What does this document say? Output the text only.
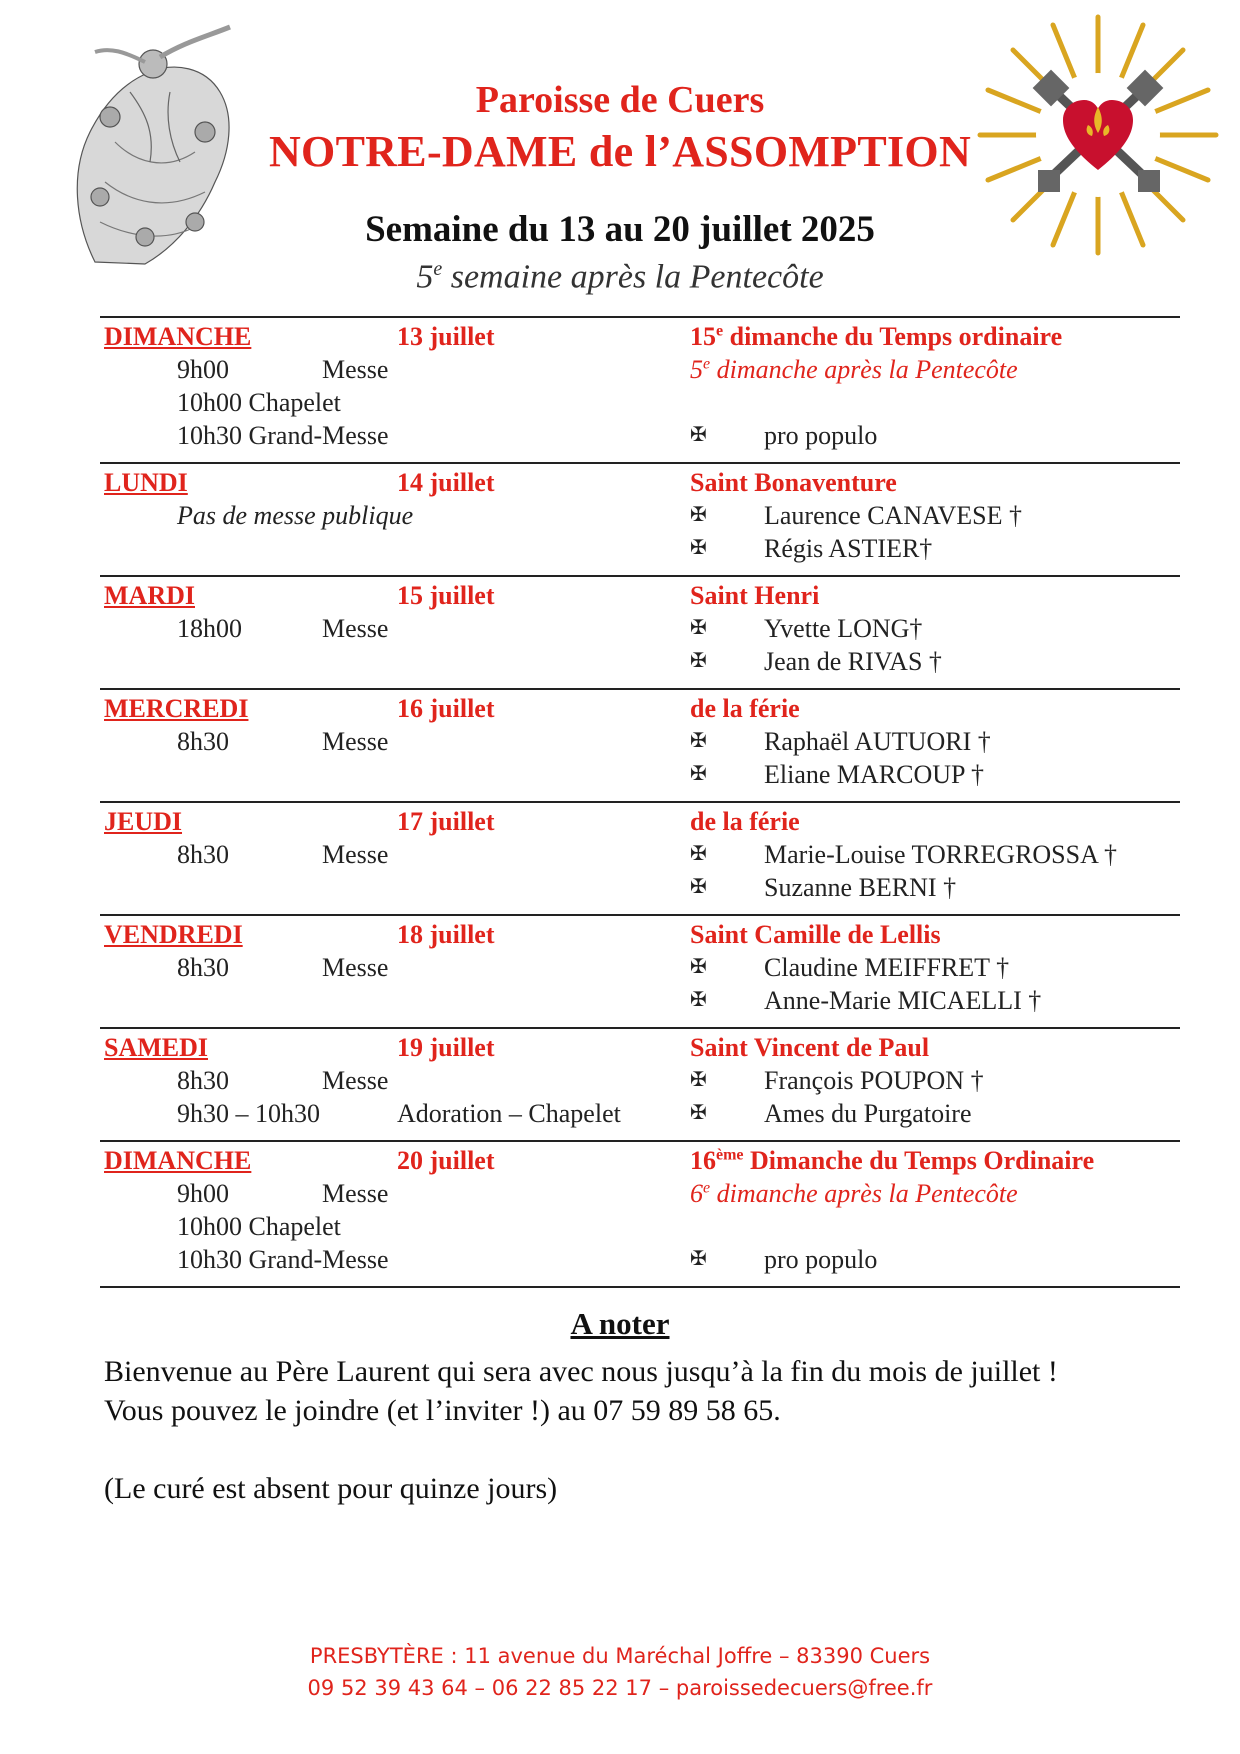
Paroisse de Cuers
NOTRE-DAME de l’ASSOMPTION
Semaine du 13 au 20 juillet 2025
5e semaine après la Pentecôte
DIMANCHE	13 juillet	15e dimanche du Temps ordinaire
9h00	Messe	5e dimanche après la Pentecôte
10h00 Chapelet
10h30 Grand-Messe	✠ pro populo
LUNDI	14 juillet	Saint Bonaventure
Pas de messe publique	✠ Laurence CANAVESE †
✠ Régis ASTIER†
MARDI	15 juillet	Saint Henri
18h00	Messe	✠ Yvette LONG†
✠ Jean de RIVAS †
MERCREDI	16 juillet	de la férie
8h30	Messe	✠ Raphaël AUTUORI †
✠ Eliane MARCOUP †
JEUDI	17 juillet	de la férie
8h30	Messe	✠ Marie-Louise TORREGROSSA †
✠ Suzanne BERNI †
VENDREDI	18 juillet	Saint Camille de Lellis
8h30	Messe	✠ Claudine MEIFFRET †
✠ Anne-Marie MICAELLI †
SAMEDI	19 juillet	Saint Vincent de Paul
8h30	Messe	✠ François POUPON †
9h30 – 10h30	Adoration – Chapelet	✠ Ames du Purgatoire
DIMANCHE	20 juillet	16ème Dimanche du Temps Ordinaire
9h00	Messe	6e dimanche après la Pentecôte
10h00 Chapelet
10h30 Grand-Messe	✠ pro populo
A noter

Bienvenue au Père Laurent qui sera avec nous jusqu’à la fin du mois de juillet !

Vous pouvez le joindre (et l’inviter !) au 07 59 89 58 65.

(Le curé est absent pour quinze jours)

PRESBYTÈRE : 11 avenue du Maréchal Joffre – 83390 Cuers
09 52 39 43 64 – 06 22 85 22 17 – paroissedecuers@free.fr
